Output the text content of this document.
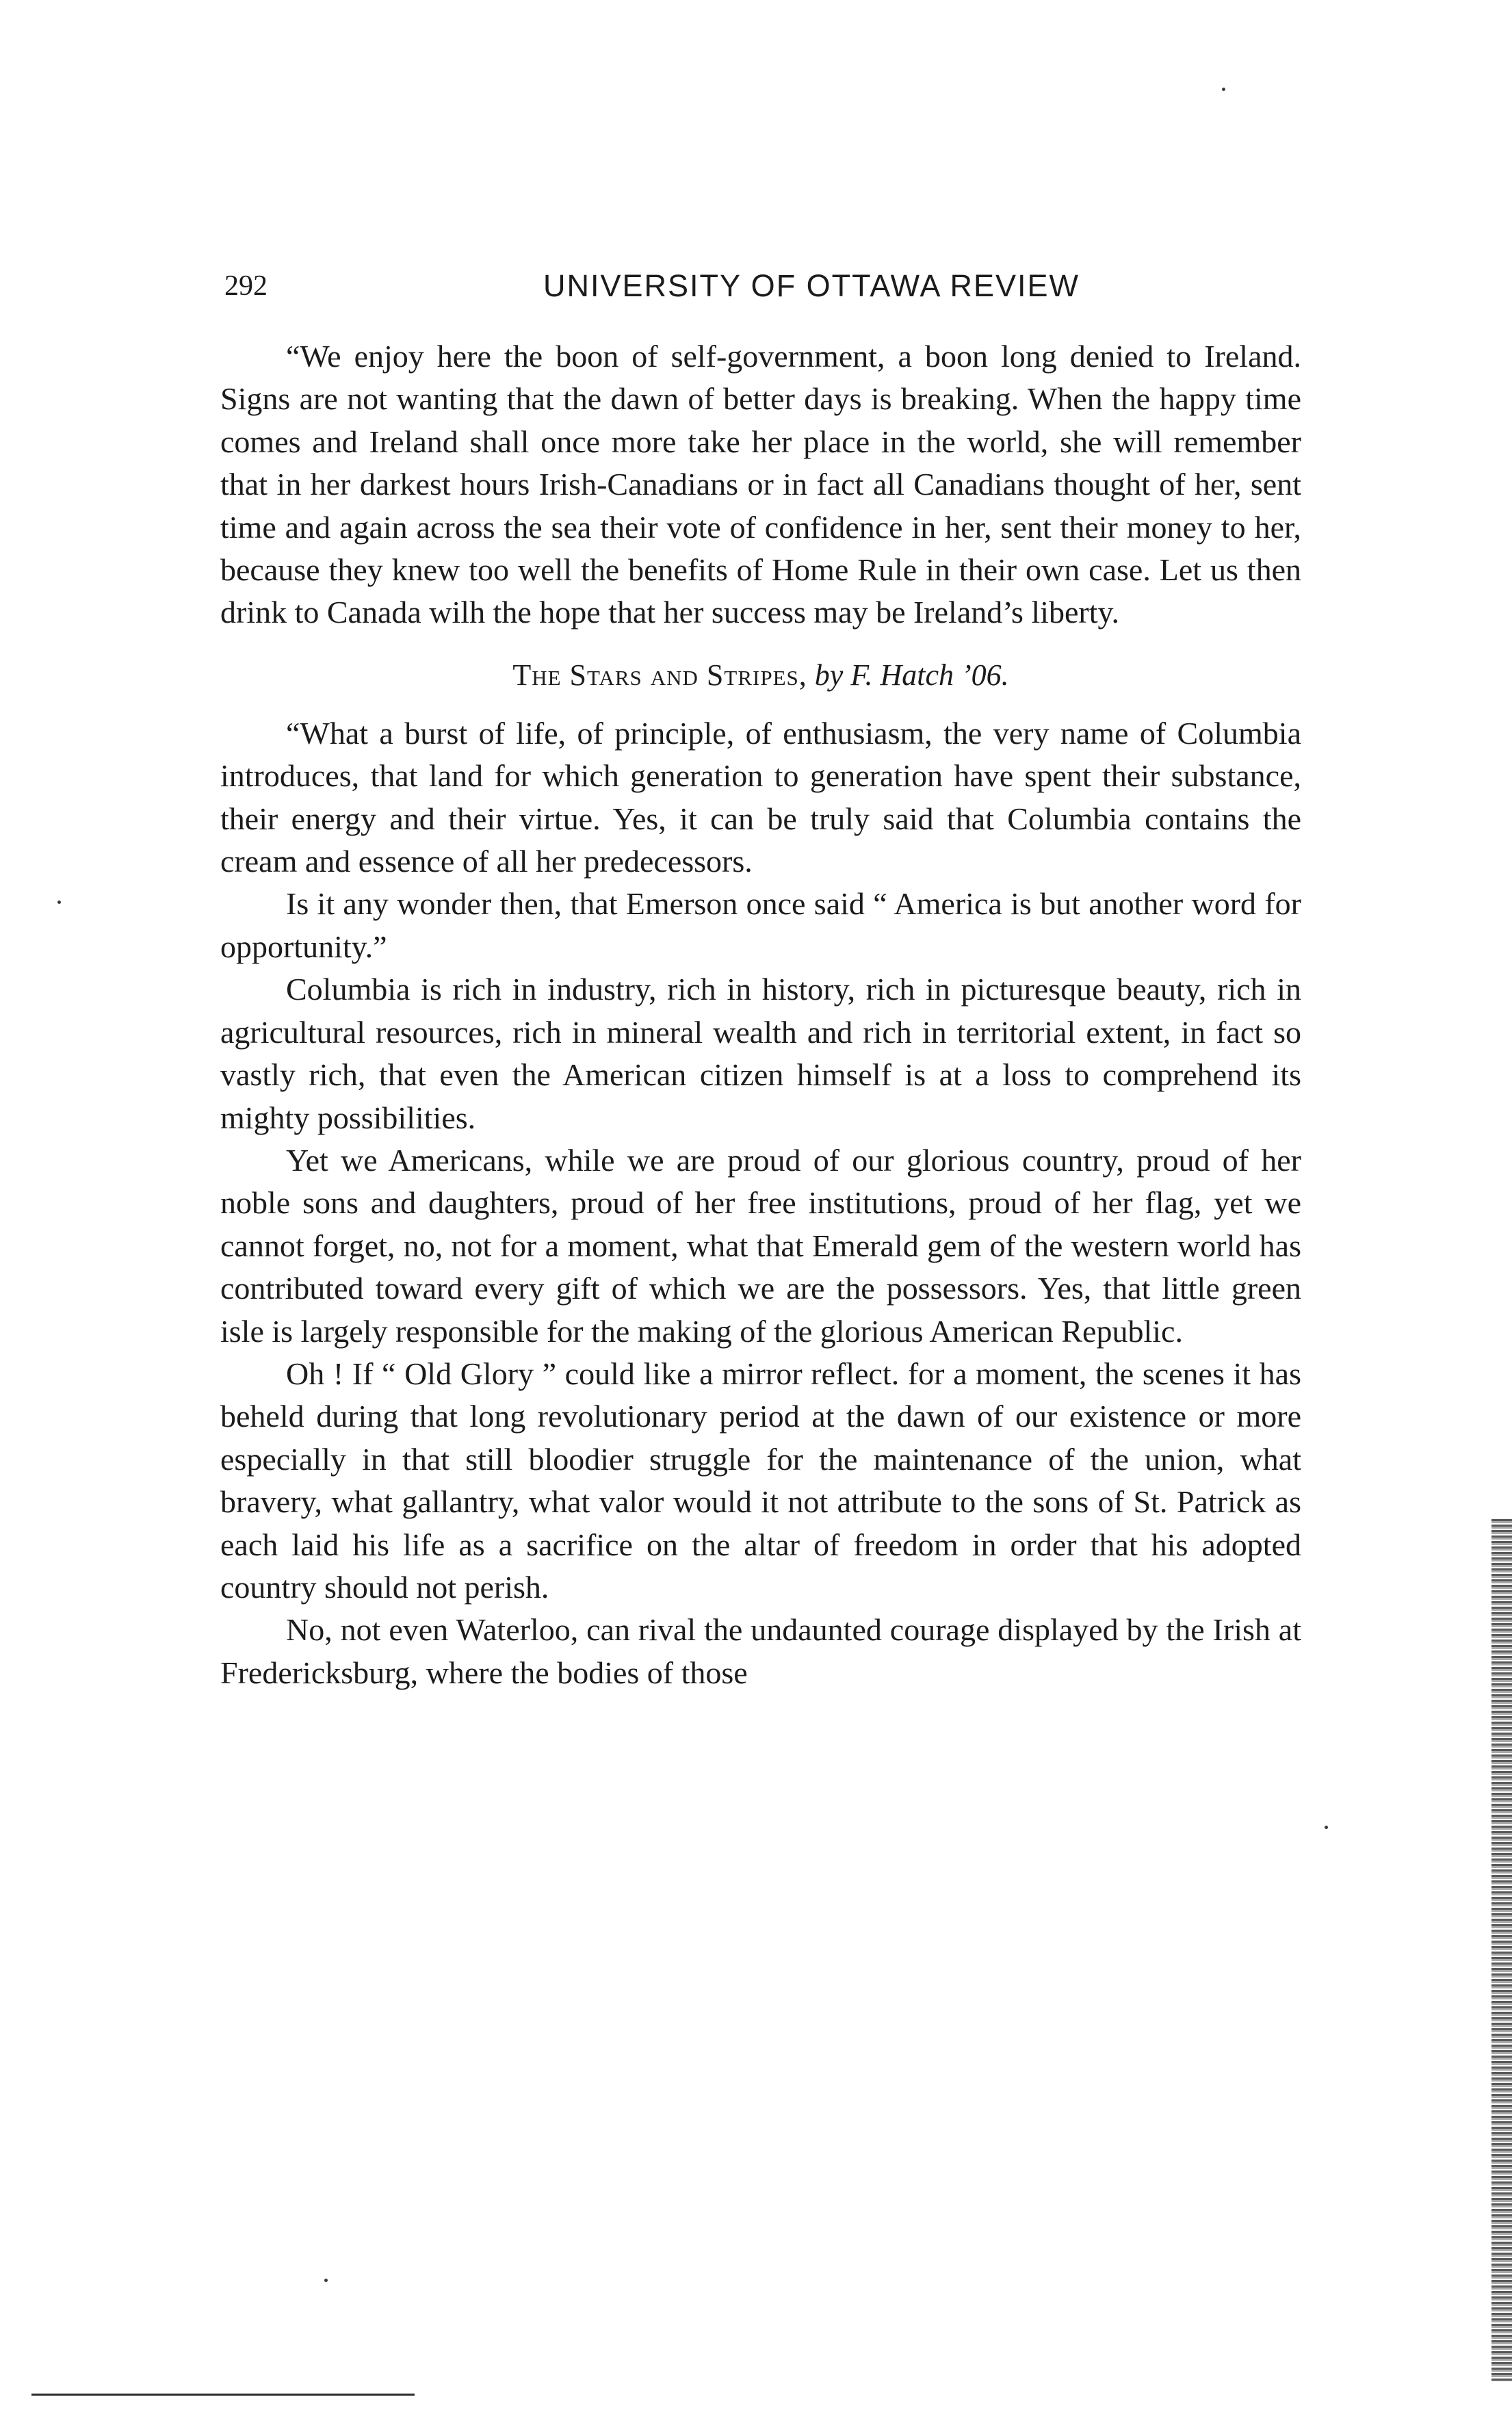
292	UNIVERSITY OF OTTAWA REVIEW

“We enjoy here the boon of self-government, a boon long denied to Ireland. Signs are not wanting that the dawn of better days is breaking. When the happy time comes and Ireland shall once more take her place in the world, she will remember that in her darkest hours Irish-Canadians or in fact all Canadians thought of her, sent time and again across the sea their vote of confidence in her, sent their money to her, because they knew too well the benefits of Home Rule in their own case. Let us then drink to Canada wilh the hope that her success may be Ireland’s liberty.

The Stars and Stripes, by F. Hatch ’06.

“What a burst of life, of principle, of enthusiasm, the very name of Columbia introduces, that land for which generation to generation have spent their substance, their energy and their virtue. Yes, it can be truly said that Columbia contains the cream and essence of all her predecessors.

Is it any wonder then, that Emerson once said “ America is but another word for opportunity.”

Columbia is rich in industry, rich in history, rich in picturesque beauty, rich in agricultural resources, rich in mineral wealth and rich in territorial extent, in fact so vastly rich, that even the American citizen himself is at a loss to comprehend its mighty possibilities.

Yet we Americans, while we are proud of our glorious country, proud of her noble sons and daughters, proud of her free institutions, proud of her flag, yet we cannot forget, no, not for a moment, what that Emerald gem of the western world has contributed toward every gift of which we are the possessors. Yes, that little green isle is largely responsible for the making of the glorious American Republic.

Oh ! If “ Old Glory ” could like a mirror reflect. for a moment, the scenes it has beheld during that long revolutionary period at the dawn of our existence or more especially in that still bloodier struggle for the maintenance of the union, what bravery, what gallantry, what valor would it not attribute to the sons of St. Patrick as each laid his life as a sacrifice on the altar of freedom in order that his adopted country should not perish.

No, not even Waterloo, can rival the undaunted courage displayed by the Irish at Fredericksburg, where the bodies of those
